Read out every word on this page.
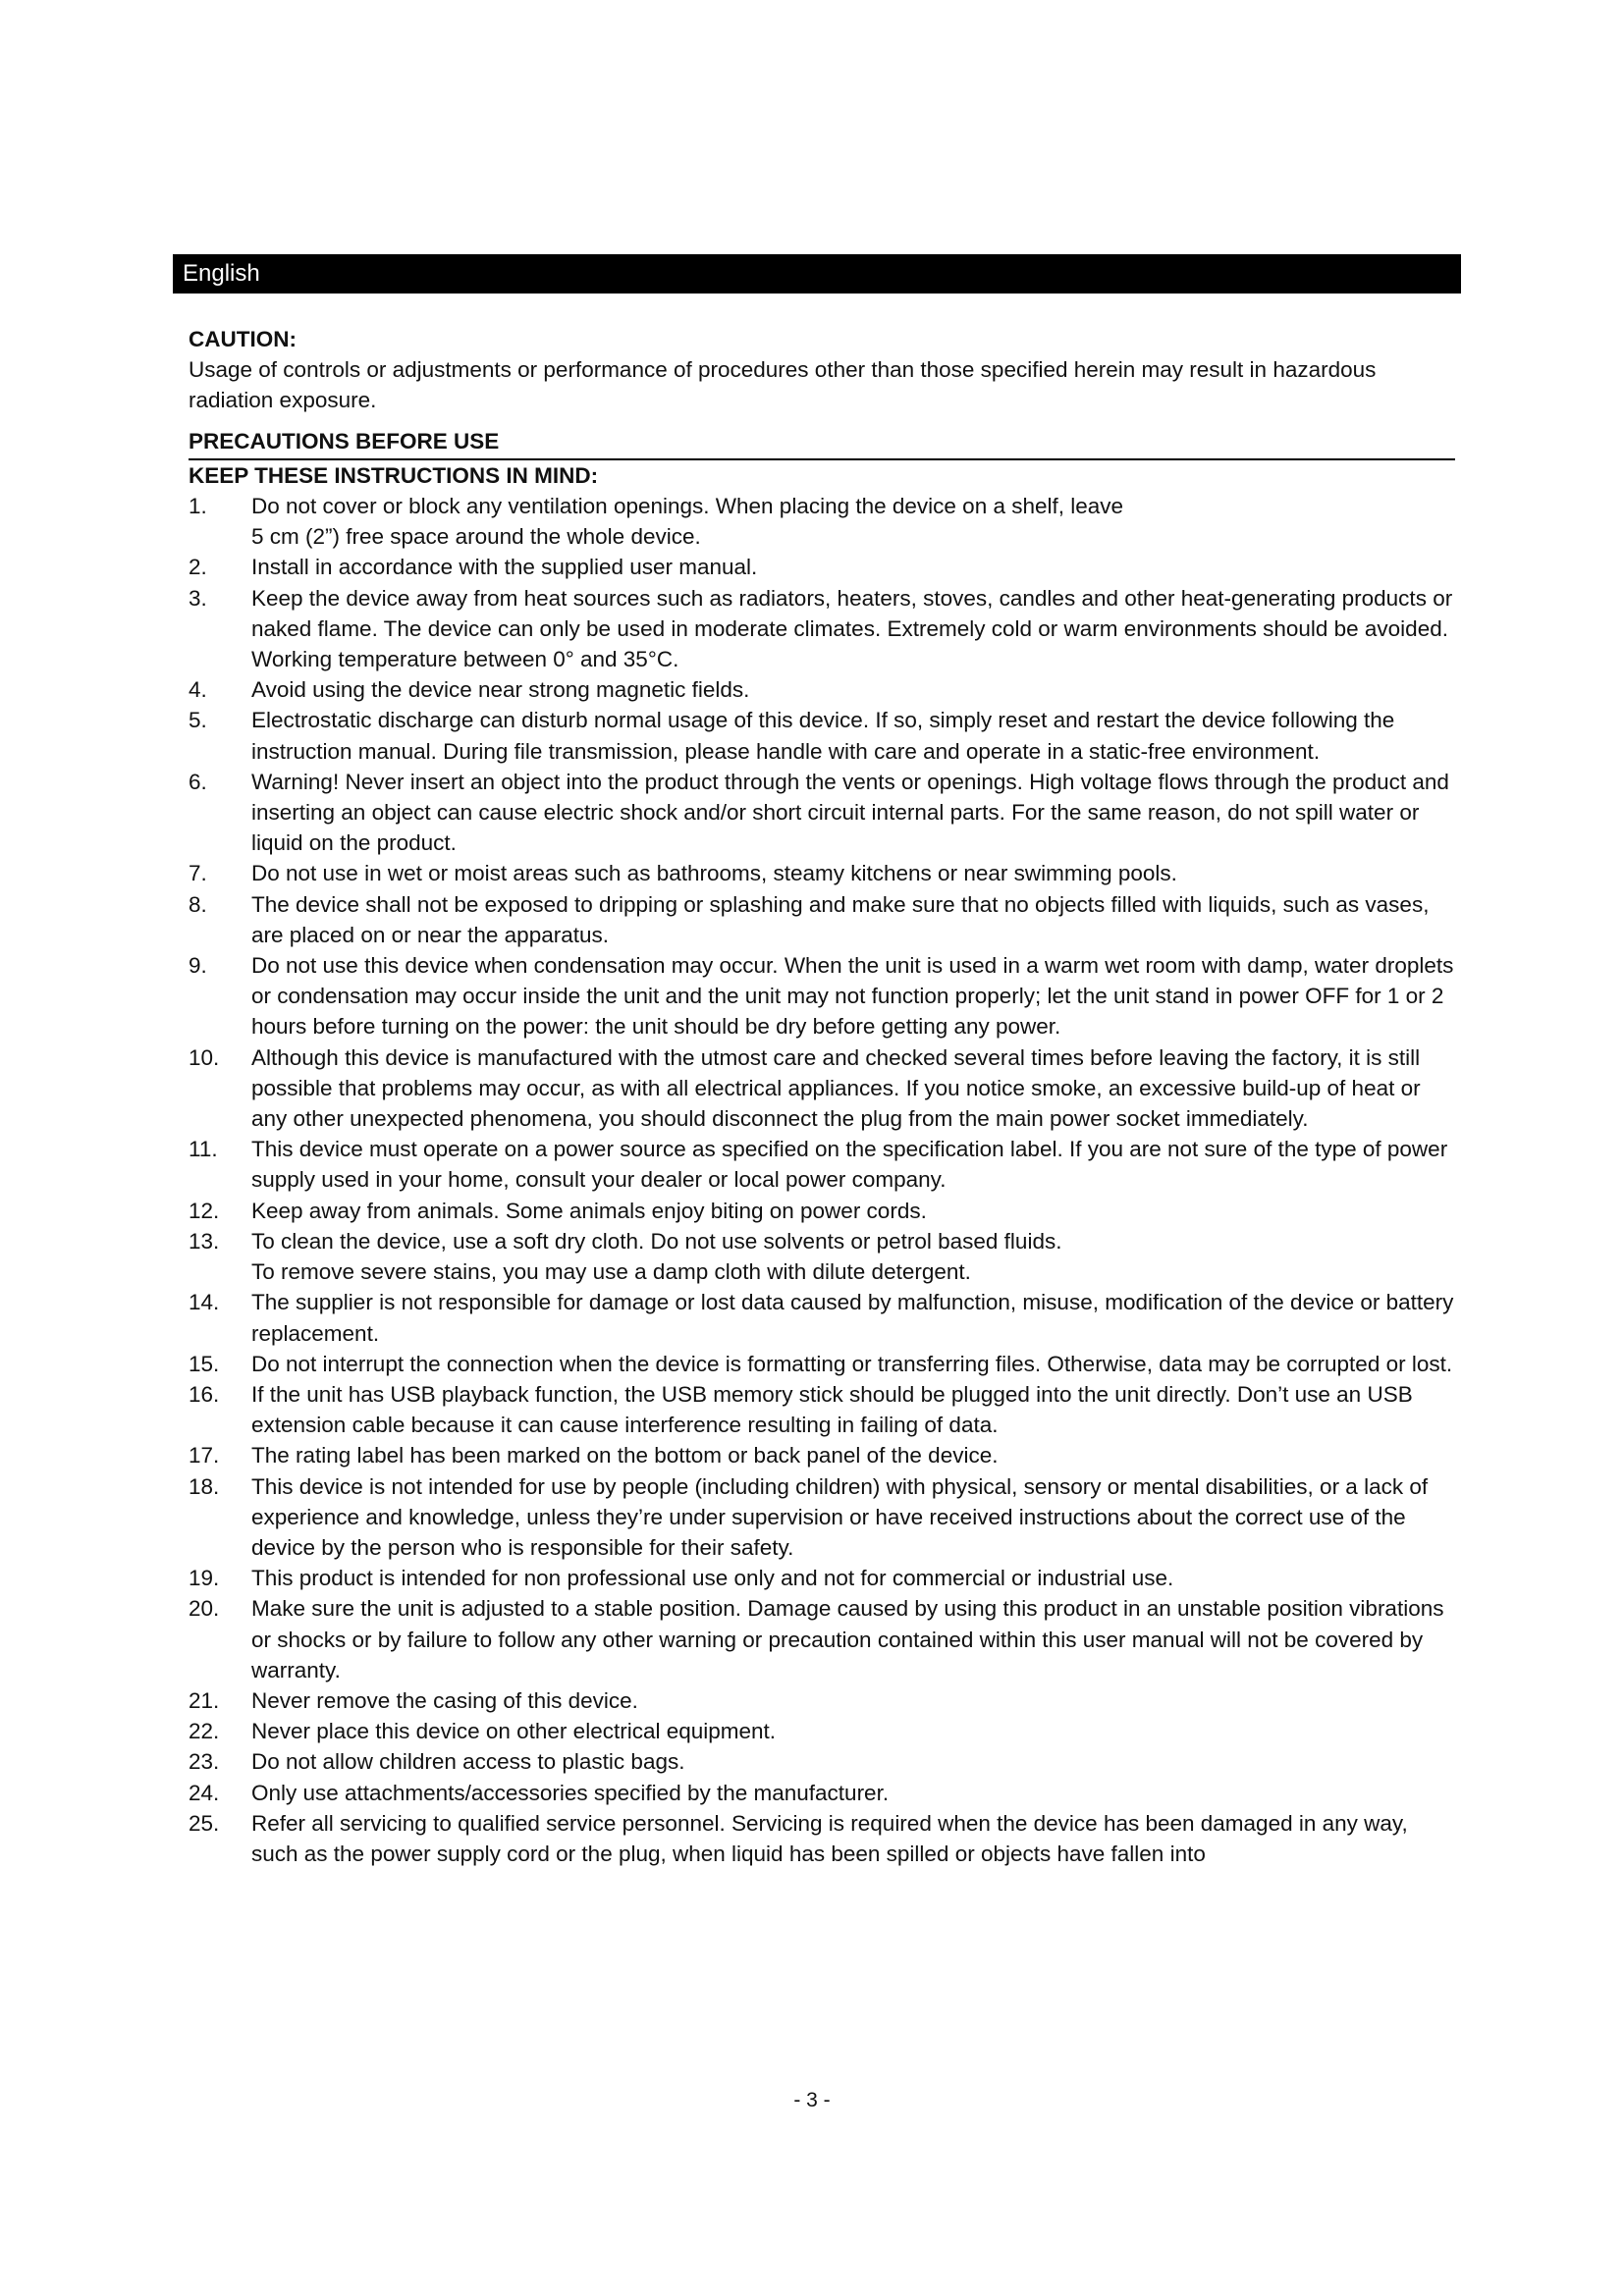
English
CAUTION:
Usage of controls or adjustments or performance of procedures other than those specified herein may result in hazardous radiation exposure.
PRECAUTIONS BEFORE USE
KEEP THESE INSTRUCTIONS IN MIND:
1. Do not cover or block any ventilation openings. When placing the device on a shelf, leave
5 cm (2”) free space around the whole device.
2. Install in accordance with the supplied user manual.
3. Keep the device away from heat sources such as radiators, heaters, stoves, candles and other heat-generating products or naked flame. The device can only be used in moderate climates. Extremely cold or warm environments should be avoided. Working temperature between 0° and 35°C.
4. Avoid using the device near strong magnetic fields.
5. Electrostatic discharge can disturb normal usage of this device. If so, simply reset and restart the device following the instruction manual. During file transmission, please handle with care and operate in a static-free environment.
6. Warning! Never insert an object into the product through the vents or openings. High voltage flows through the product and inserting an object can cause electric shock and/or short circuit internal parts. For the same reason, do not spill water or liquid on the product.
7. Do not use in wet or moist areas such as bathrooms, steamy kitchens or near swimming pools.
8. The device shall not be exposed to dripping or splashing and make sure that no objects filled with liquids, such as vases, are placed on or near the apparatus.
9. Do not use this device when condensation may occur. When the unit is used in a warm wet room with damp, water droplets or condensation may occur inside the unit and the unit may not function properly; let the unit stand in power OFF for 1 or 2 hours before turning on the power: the unit should be dry before getting any power.
10. Although this device is manufactured with the utmost care and checked several times before leaving the factory, it is still possible that problems may occur, as with all electrical appliances. If you notice smoke, an excessive build-up of heat or any other unexpected phenomena, you should disconnect the plug from the main power socket immediately.
11. This device must operate on a power source as specified on the specification label. If you are not sure of the type of power supply used in your home, consult your dealer or local power company.
12. Keep away from animals. Some animals enjoy biting on power cords.
13. To clean the device, use a soft dry cloth. Do not use solvents or petrol based fluids.
To remove severe stains, you may use a damp cloth with dilute detergent.
14. The supplier is not responsible for damage or lost data caused by malfunction, misuse, modification of the device or battery replacement.
15. Do not interrupt the connection when the device is formatting or transferring files. Otherwise, data may be corrupted or lost.
16. If the unit has USB playback function, the USB memory stick should be plugged into the unit directly. Don’t use an USB extension cable because it can cause interference resulting in failing of data.
17. The rating label has been marked on the bottom or back panel of the device.
18. This device is not intended for use by people (including children) with physical, sensory or mental disabilities, or a lack of experience and knowledge, unless they’re under supervision or have received instructions about the correct use of the device by the person who is responsible for their safety.
19. This product is intended for non professional use only and not for commercial or industrial use.
20. Make sure the unit is adjusted to a stable position. Damage caused by using this product in an unstable position vibrations or shocks or by failure to follow any other warning or precaution contained within this user manual will not be covered by warranty.
21. Never remove the casing of this device.
22. Never place this device on other electrical equipment.
23. Do not allow children access to plastic bags.
24. Only use attachments/accessories specified by the manufacturer.
25. Refer all servicing to qualified service personnel. Servicing is required when the device has been damaged in any way, such as the power supply cord or the plug, when liquid has been spilled or objects have fallen into
- 3 -
